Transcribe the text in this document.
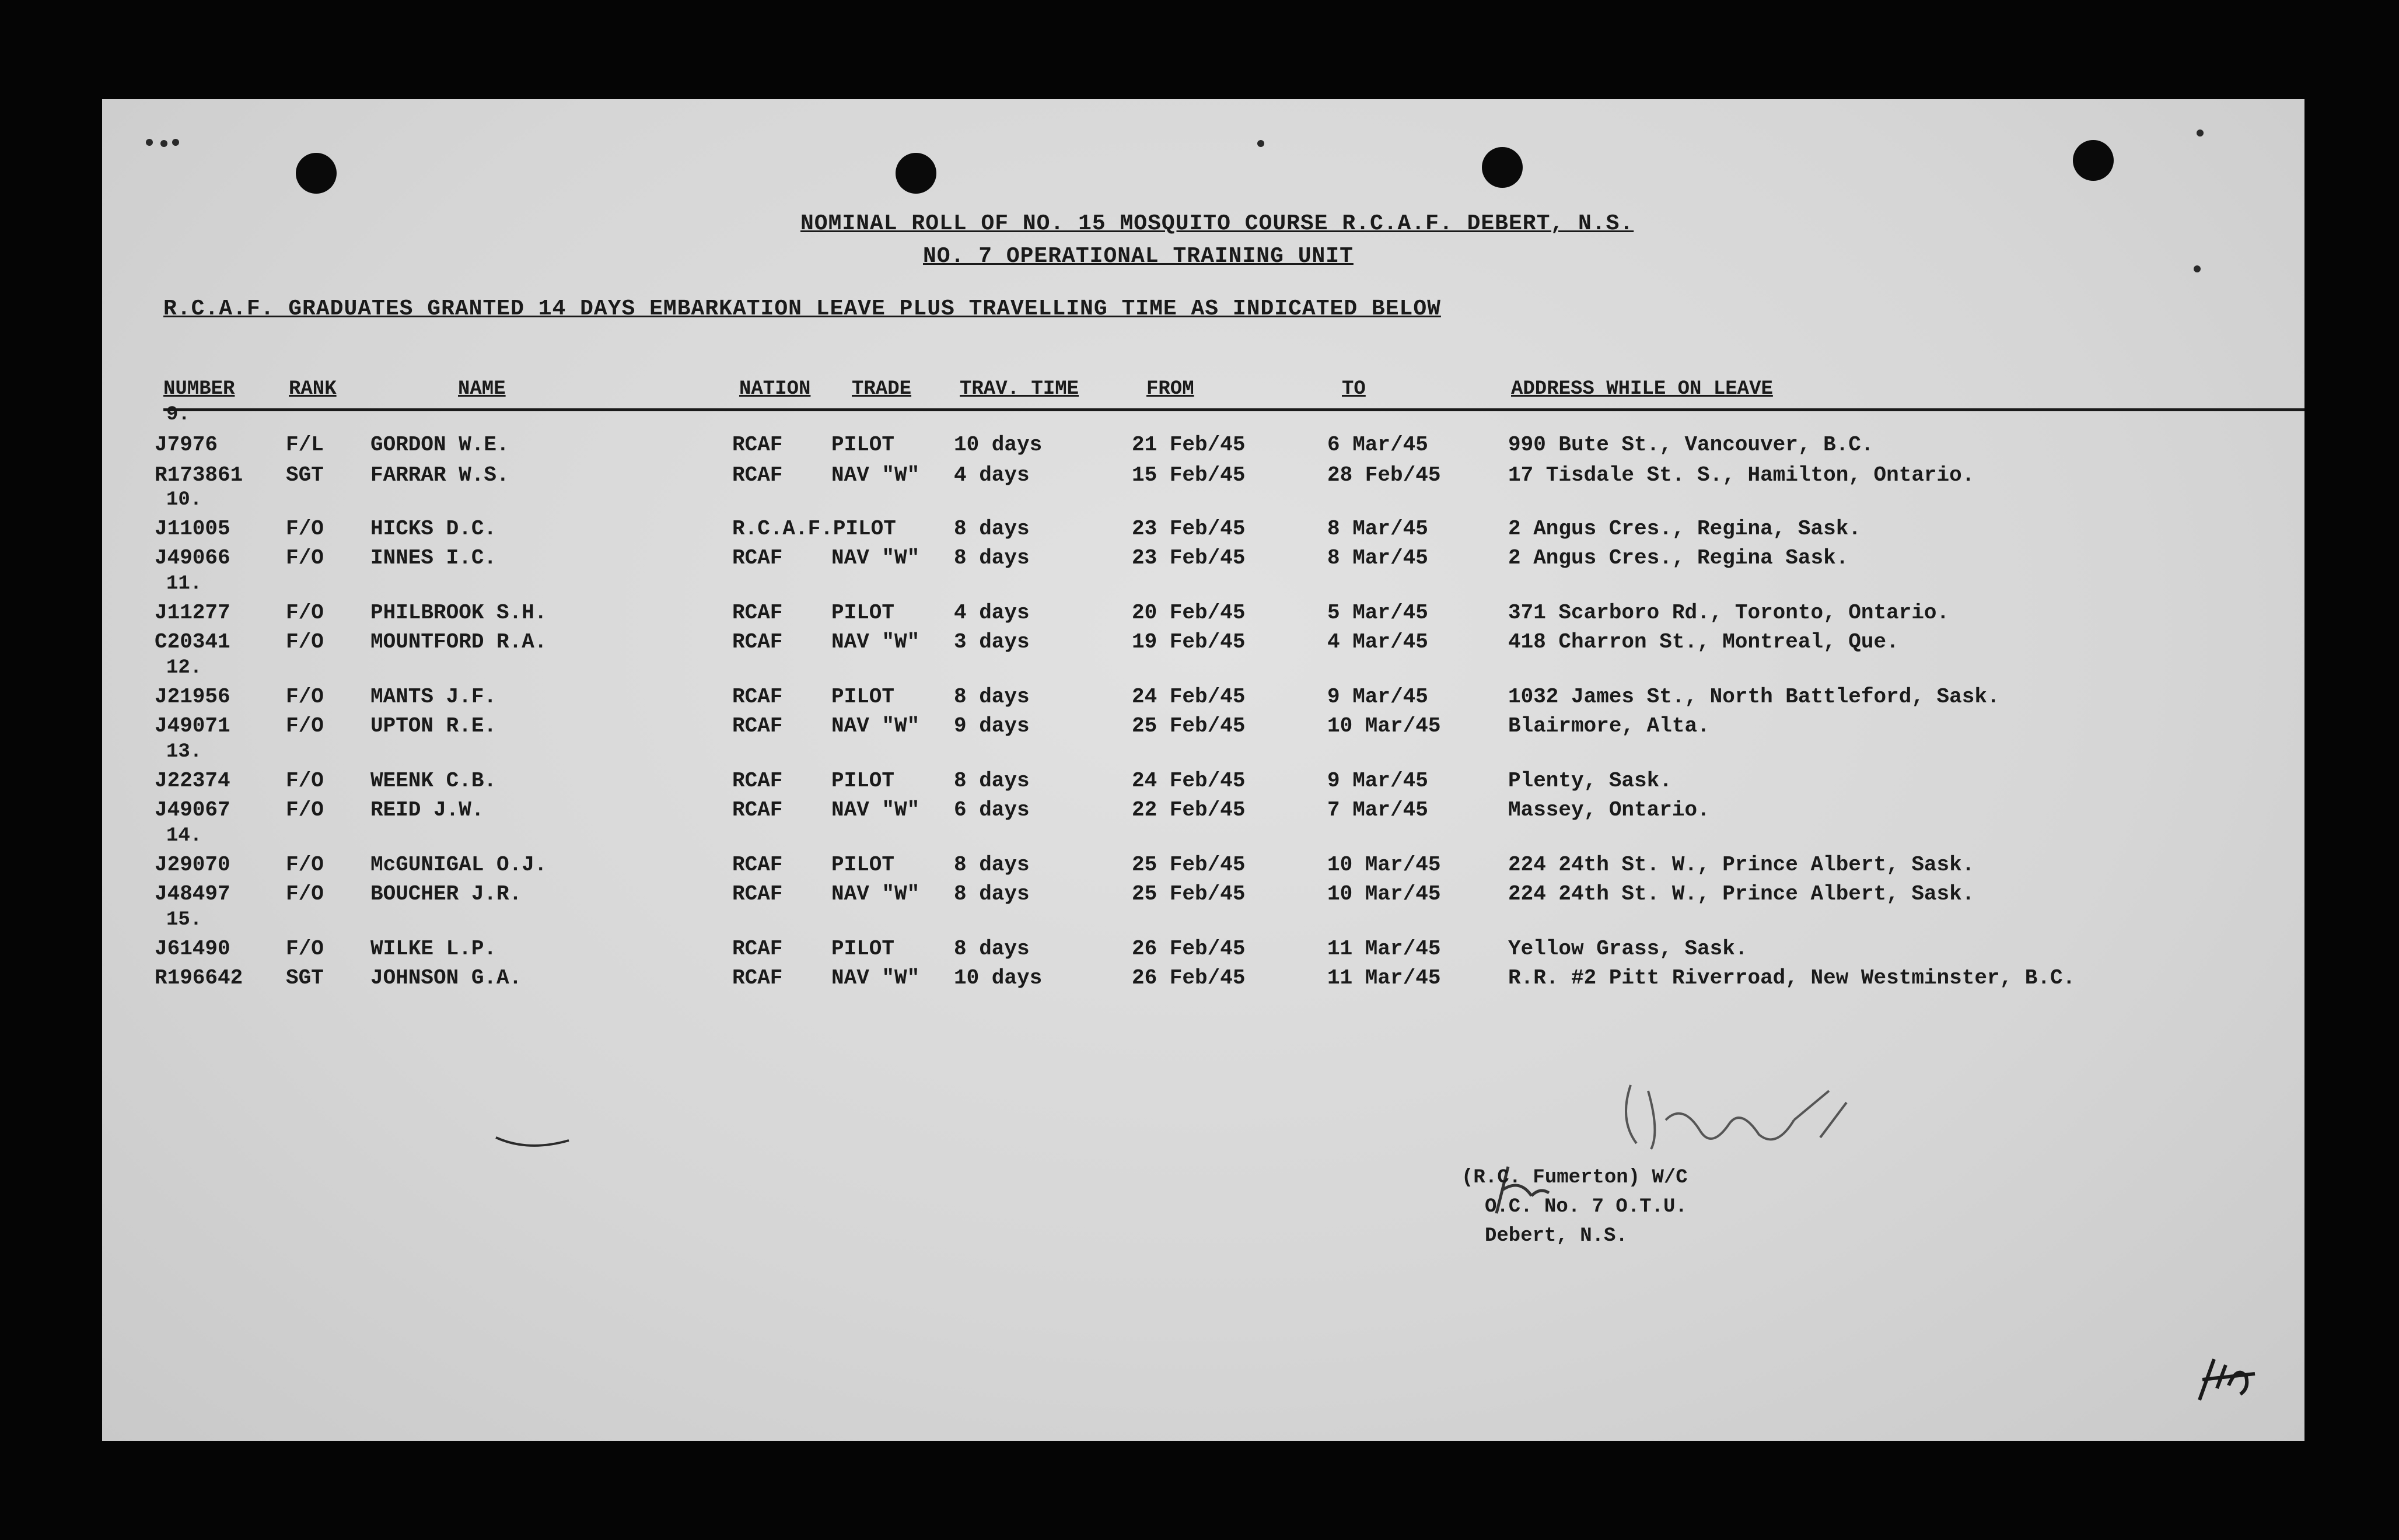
NOMINAL ROLL OF NO. 15 MOSQUITO COURSE R.C.A.F. DEBERT, N.S.
NO. 7 OPERATIONAL TRAINING UNIT
R.C.A.F. GRADUATES GRANTED 14 DAYS EMBARKATION LEAVE PLUS TRAVELLING TIME AS INDICATED BELOW
NUMBER	RANK	NAME	NATION TRADE TRAV. TIME	FROM	TO	ADDRESS WHILE ON LEAVE
9.
J7976	F/L GORDON W.E.	RCAF PILOT	10 days	21 Feb/45	6 Mar/45	990 Bute St., Vancouver, B.C.
R173861 SGT FARRAR W.S.	RCAF NAV "W" 4 days	15 Feb/45	28 Feb/45	17 Tisdale St. S., Hamilton, Ontario.
10.
J11005	F/O HICKS D.C.	R.C.A.F.PILOT	8 days	23 Feb/45	8 Mar/45	2 Angus Cres., Regina, Sask.
J49066	F/O INNES I.C.	RCAF NAV "W" 8 days	23 Feb/45	8 Mar/45	2 Angus Cres., Regina Sask.
11.
J11277	F/O PHILBROOK S.H.	RCAF PILOT	4 days	20 Feb/45	5 Mar/45	371 Scarboro Rd., Toronto, Ontario.
C20341	F/O MOUNTFORD R.A.	RCAF NAV "W" 3 days	19 Feb/45	4 Mar/45	418 Charron St., Montreal, Que.
12.
J21956	F/O MANTS J.F.	RCAF PILOT	8 days	24 Feb/45	9 Mar/45	1032 James St., North Battleford, Sask.
J49071	F/O UPTON R.E.	RCAF NAV "W" 9 days	25 Feb/45	10 Mar/45	Blairmore, Alta.
13.
J22374	F/O WEENK C.B.	RCAF PILOT	8 days	24 Feb/45	9 Mar/45	Plenty, Sask.
J49067	F/O REID J.W.	RCAF NAV "W" 6 days	22 Feb/45	7 Mar/45	Massey, Ontario.
14.
J29070	F/O McGUNIGAL O.J.	RCAF PILOT	8 days	25 Feb/45	10 Mar/45	224 24th St. W., Prince Albert, Sask.
J48497	F/O BOUCHER J.R.	RCAF NAV "W" 8 days	25 Feb/45	10 Mar/45	224 24th St. W., Prince Albert, Sask.
15.
J61490	F/O WILKE L.P.	RCAF PILOT	8 days	26 Feb/45	11 Mar/45	Yellow Grass, Sask.
R196642 SGT JOHNSON G.A.	RCAF NAV "W" 10 days	26 Feb/45	11 Mar/45	R.R. #2 Pitt Riverroad, New Westminster, B.C.
(R.C. Fumerton) W/C
O.C. No. 7 O.T.U.
Debert, N.S.
